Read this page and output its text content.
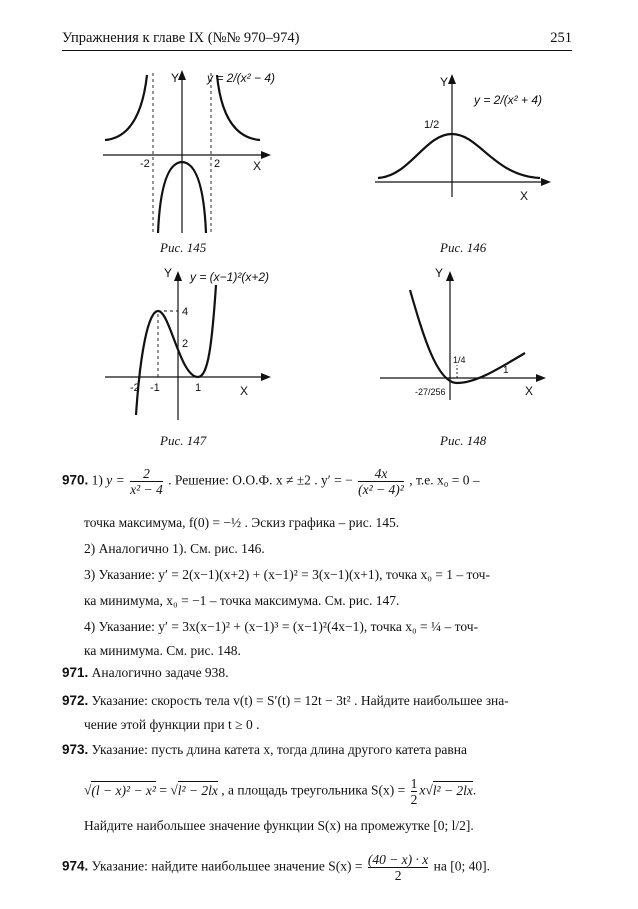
Упражнения к главе IX (№№ 970–974)	251
Y
X
-2	2
y = 2/(x² − 4)
Рис. 145
Y
X
1/2
y = 2/(x² + 4)
Рис. 146
Y
X
-2 -1	1
4
2
y = (x−1)²(x+2)
Рис. 147
Y
X
1/4
1
-27/256
Рис. 148
970. 1) $y = \frac{2}{\text{x² − 4}}$ . Решение: О.О.Ф. x ≠ ±2 . y′ = − $\frac{4x}{\text{(x² − 4)²}}$ , т.е. x₀ = 0 –
точка максимума, f(0) = −½ . Эскиз графика – рис. 145.
2) Аналогично 1). См. рис. 146.
3) Указание: y′ = 2(x−1)(x+2) + (x−1)² = 3(x−1)(x+1), точка x₀ = 1 – точ-
ка минимума, x₀ = −1 – точка максимума. См. рис. 147.
4) Указание: y′ = 3x(x−1)² + (x−1)³ = (x−1)²(4x−1), точка x₀ = ¼ – точ-
ка минимума. См. рис. 148.
971. Аналогично задаче 938.
972. Указание: скорость тела v(t) = S′(t) = 12t − 3t² . Найдите наибольшее зна-
чение этой функции при t ≥ 0 .
973. Указание: пусть длина катета x, тогда длина другого катета равна
√(l − x)² − x² = √l² − 2lx , а площадь треугольника $S(x) = \frac{1}{2} x√l^2 - 2lx$.
Найдите наибольшее значение функции S(x) на промежутке [0; l/2].
974. Указание: найдите наибольшее значение $S(x) = \frac{(40 - x) \cdot x}{2}$ на [0; 40].
